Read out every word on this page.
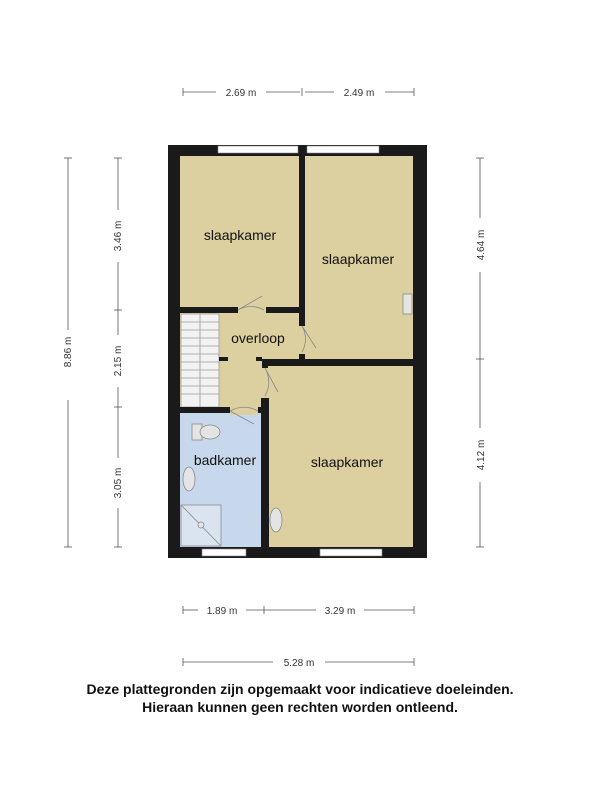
slaapkamer
slaapkamer
overloop
badkamer	slaapkamer
2.69 m	2.49 m
8.86 m
3.46 m
2.15 m
3.05 m
4.64 m
4.12 m
1.89 m	3.29 m
5.28 m
Deze plattegronden zijn opgemaakt voor indicatieve doeleinden.
Hieraan kunnen geen rechten worden ontleend.
